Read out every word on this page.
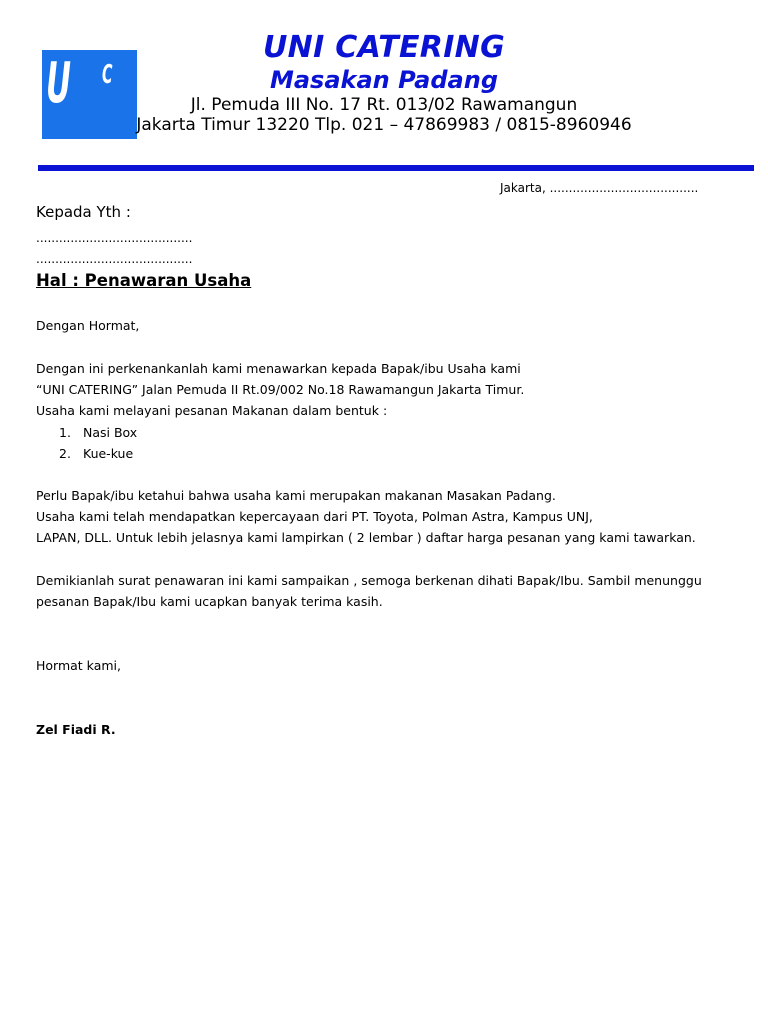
U C
UNI CATERING
Masakan Padang
Jl. Pemuda III No. 17 Rt. 013/02 Rawamangun
Jakarta Timur 13220 Tlp. 021 – 47869983 / 0815-8960946
Jakarta, .......................................
Kepada Yth :
.........................................
.........................................
Hal : Penawaran Usaha
Dengan Hormat,
Dengan ini perkenankanlah kami menawarkan kepada Bapak/ibu Usaha kami
“UNI CATERING” Jalan Pemuda II Rt.09/002 No.18 Rawamangun Jakarta Timur.
Usaha kami melayani pesanan Makanan dalam bentuk :
1. Nasi Box
2. Kue-kue
Perlu Bapak/ibu ketahui bahwa usaha kami merupakan makanan Masakan Padang.
Usaha kami telah mendapatkan kepercayaan dari PT. Toyota, Polman Astra, Kampus UNJ,
LAPAN, DLL. Untuk lebih jelasnya kami lampirkan ( 2 lembar ) daftar harga pesanan yang kami tawarkan.
Demikianlah surat penawaran ini kami sampaikan , semoga berkenan dihati Bapak/Ibu. Sambil menunggu
pesanan Bapak/Ibu kami ucapkan banyak terima kasih.
Hormat kami,
Zel Fiadi R.
